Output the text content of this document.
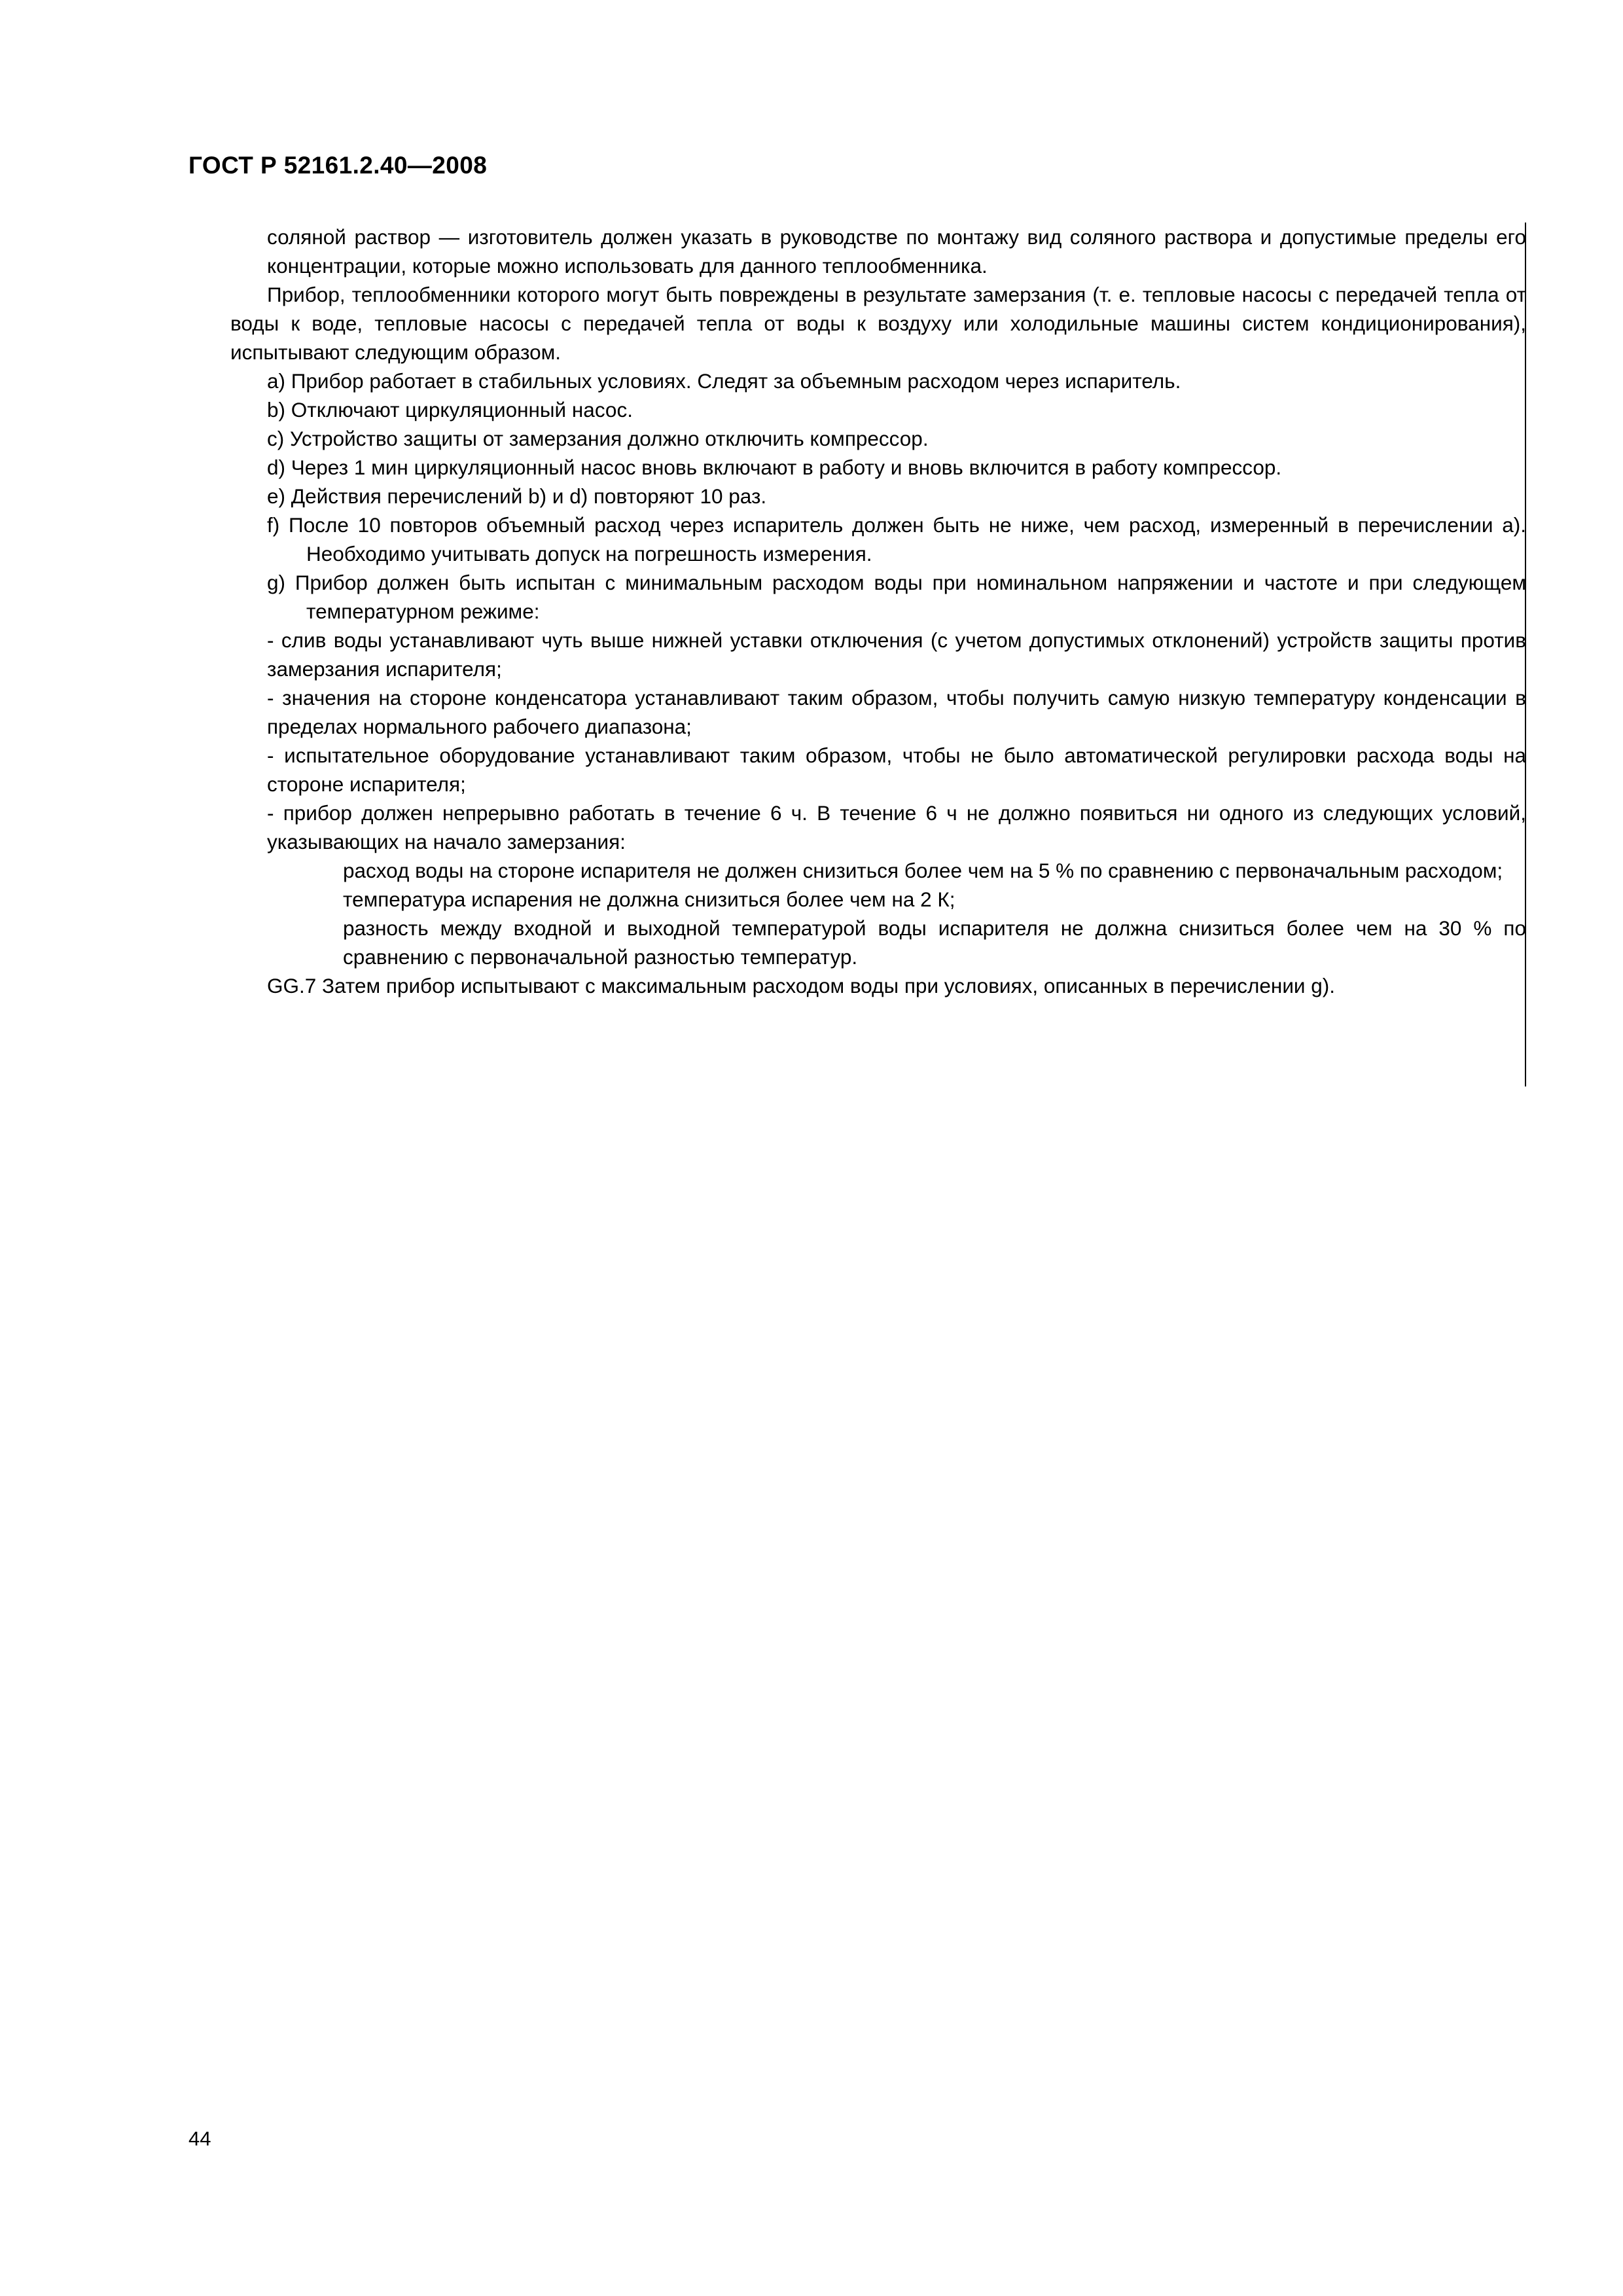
ГОСТ Р 52161.2.40—2008

соляной раствор — изготовитель должен указать в руководстве по монтажу вид соляного раствора и допустимые пределы его концентрации, которые можно использовать для данного теплообменника.

Прибор, теплообменники которого могут быть повреждены в результате замерзания (т. е. тепловые насосы с передачей тепла от воды к воде, тепловые насосы с передачей тепла от воды к воздуху или холодильные машины систем кондиционирования), испытывают следующим образом.

a) Прибор работает в стабильных условиях. Следят за объемным расходом через испаритель.

b) Отключают циркуляционный насос.

c) Устройство защиты от замерзания должно отключить компрессор.

d) Через 1 мин циркуляционный насос вновь включают в работу и вновь включится в работу компрессор.

e) Действия перечислений b) и d) повторяют 10 раз.

f) После 10 повторов объемный расход через испаритель должен быть не ниже, чем расход, измеренный в перечислении a). Необходимо учитывать допуск на погрешность измерения.

g) Прибор должен быть испытан с минимальным расходом воды при номинальном напряжении и частоте и при следующем температурном режиме:

- слив воды устанавливают чуть выше нижней уставки отключения (с учетом допустимых отклонений) устройств защиты против замерзания испарителя;

- значения на стороне конденсатора устанавливают таким образом, чтобы получить самую низкую температуру конденсации в пределах нормального рабочего диапазона;

- испытательное оборудование устанавливают таким образом, чтобы не было автоматической регулировки расхода воды на стороне испарителя;

- прибор должен непрерывно работать в течение 6 ч. В течение 6 ч не должно появиться ни одного из следующих условий, указывающих на начало замерзания:

расход воды на стороне испарителя не должен снизиться более чем на 5 % по сравнению с первоначальным расходом;

температура испарения не должна снизиться более чем на 2 К;

разность между входной и выходной температурой воды испарителя не должна снизиться более чем на 30 % по сравнению с первоначальной разностью температур.

GG.7 Затем прибор испытывают с максимальным расходом воды при условиях, описанных в перечислении g).

44
